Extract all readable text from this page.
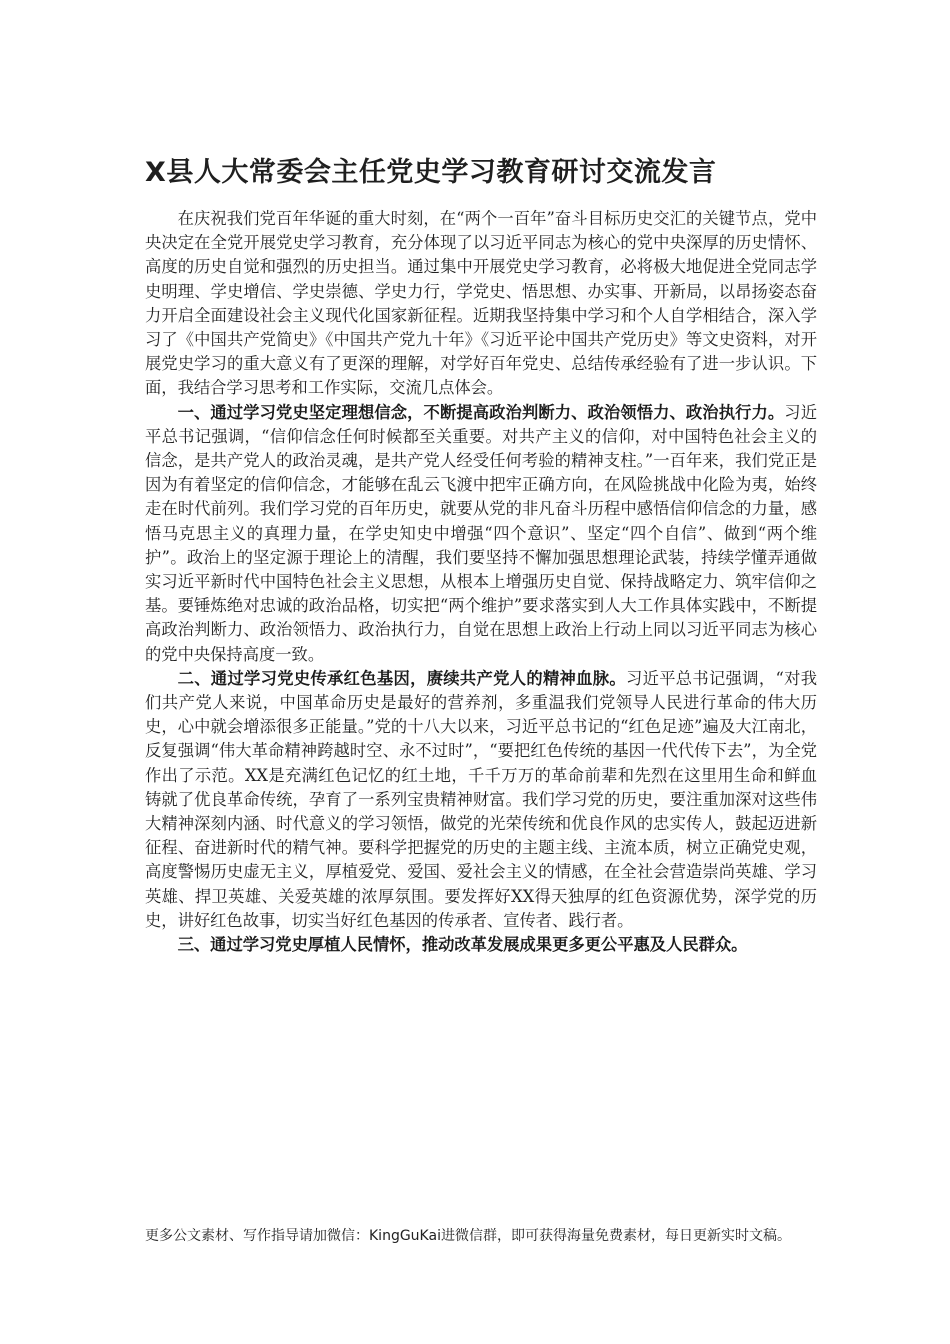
X县人大常委会主任党史学习教育研讨交流发言

在庆祝我们党百年华诞的重大时刻，在“两个一百年”奋斗目标历史交汇的关键节点，党中央决定在全党开展党史学习教育，充分体现了以习近平同志为核心的党中央深厚的历史情怀、高度的历史自觉和强烈的历史担当。通过集中开展党史学习教育，必将极大地促进全党同志学史明理、学史增信、学史崇德、学史力行，学党史、悟思想、办实事、开新局，以昂扬姿态奋力开启全面建设社会主义现代化国家新征程。近期我坚持集中学习和个人自学相结合，深入学习了《中国共产党简史》《中国共产党九十年》《习近平论中国共产党历史》等文史资料，对开展党史学习的重大意义有了更深的理解，对学好百年党史、总结传承经验有了进一步认识。下面，我结合学习思考和工作实际，交流几点体会。

一、通过学习党史坚定理想信念，不断提高政治判断力、政治领悟力、政治执行力。习近平总书记强调，“信仰信念任何时候都至关重要。对共产主义的信仰，对中国特色社会主义的信念，是共产党人的政治灵魂，是共产党人经受任何考验的精神支柱。”一百年来，我们党正是因为有着坚定的信仰信念，才能够在乱云飞渡中把牢正确方向，在风险挑战中化险为夷，始终走在时代前列。我们学习党的百年历史，就要从党的非凡奋斗历程中感悟信仰信念的力量，感悟马克思主义的真理力量，在学史知史中增强“四个意识”、坚定“四个自信”、做到“两个维护”。政治上的坚定源于理论上的清醒，我们要坚持不懈加强思想理论武装，持续学懂弄通做实习近平新时代中国特色社会主义思想，从根本上增强历史自觉、保持战略定力、筑牢信仰之基。要锤炼绝对忠诚的政治品格，切实把“两个维护”要求落实到人大工作具体实践中，不断提高政治判断力、政治领悟力、政治执行力，自觉在思想上政治上行动上同以习近平同志为核心的党中央保持高度一致。

二、通过学习党史传承红色基因，赓续共产党人的精神血脉。习近平总书记强调，“对我们共产党人来说，中国革命历史是最好的营养剂，多重温我们党领导人民进行革命的伟大历史，心中就会增添很多正能量。”党的十八大以来，习近平总书记的“红色足迹”遍及大江南北，反复强调“伟大革命精神跨越时空、永不过时”，“要把红色传统的基因一代代传下去”，为全党作出了示范。XX是充满红色记忆的红土地，千千万万的革命前辈和先烈在这里用生命和鲜血铸就了优良革命传统，孕育了一系列宝贵精神财富。我们学习党的历史，要注重加深对这些伟大精神深刻内涵、时代意义的学习领悟，做党的光荣传统和优良作风的忠实传人，鼓起迈进新征程、奋进新时代的精气神。要科学把握党的历史的主题主线、主流本质，树立正确党史观，高度警惕历史虚无主义，厚植爱党、爱国、爱社会主义的情感，在全社会营造崇尚英雄、学习英雄、捍卫英雄、关爱英雄的浓厚氛围。要发挥好XX得天独厚的红色资源优势，深学党的历史，讲好红色故事，切实当好红色基因的传承者、宣传者、践行者。

三、通过学习党史厚植人民情怀，推动改革发展成果更多更公平惠及人民群众。

更多公文素材、写作指导请加微信：KingGuKai进微信群，即可获得海量免费素材，每日更新实时文稿。
